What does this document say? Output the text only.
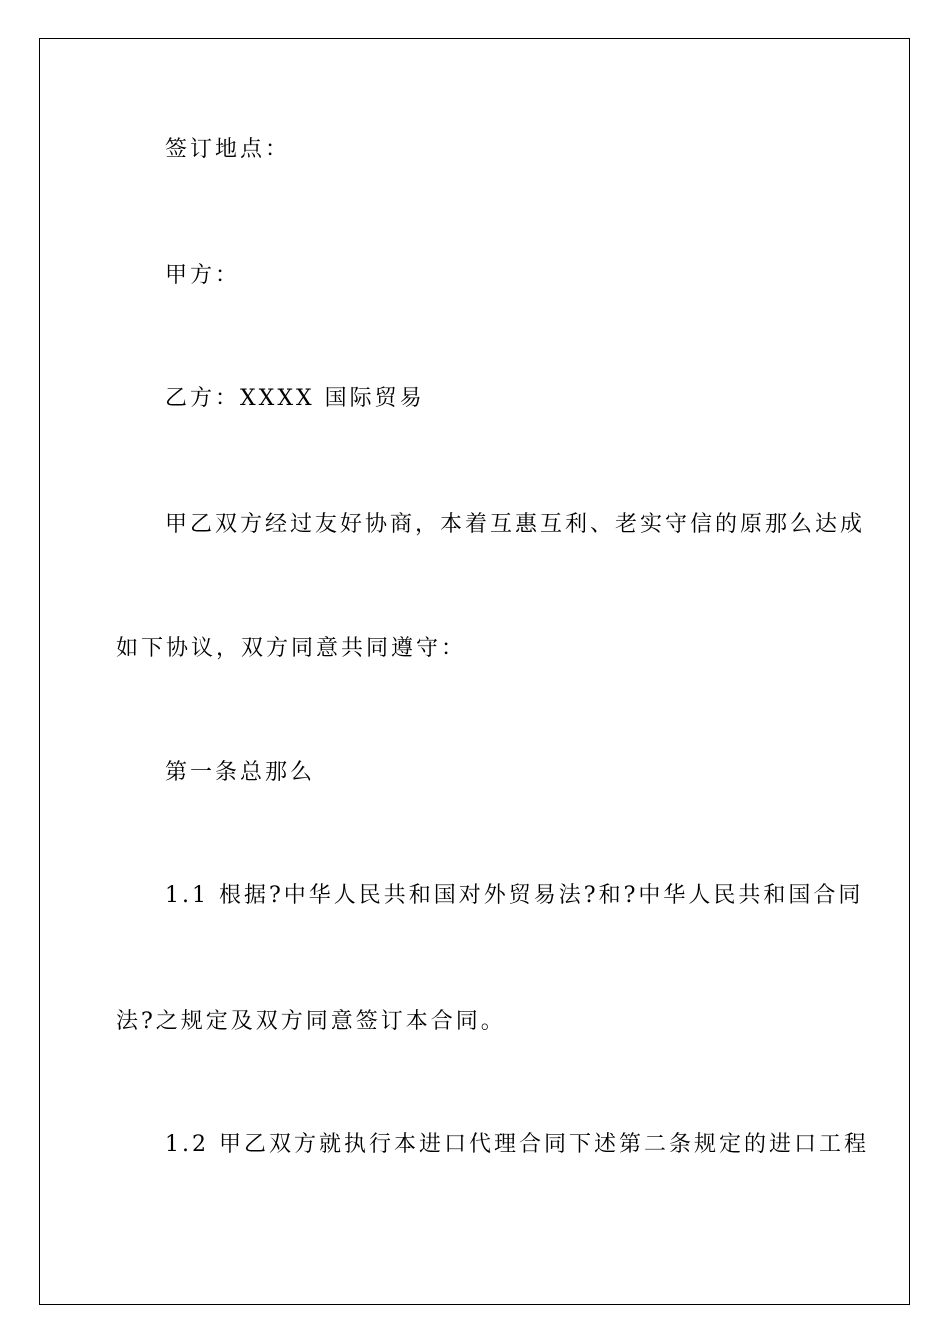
签订地点：
甲方：
乙方：XXXX 国际贸易
甲乙双方经过友好协商，本着互惠互利、老实守信的原那么达成
如下协议，双方同意共同遵守：
第一条总那么
1.1 根据?中华人民共和国对外贸易法?和?中华人民共和国合同
法?之规定及双方同意签订本合同。
1.2 甲乙双方就执行本进口代理合同下述第二条规定的进口工程
